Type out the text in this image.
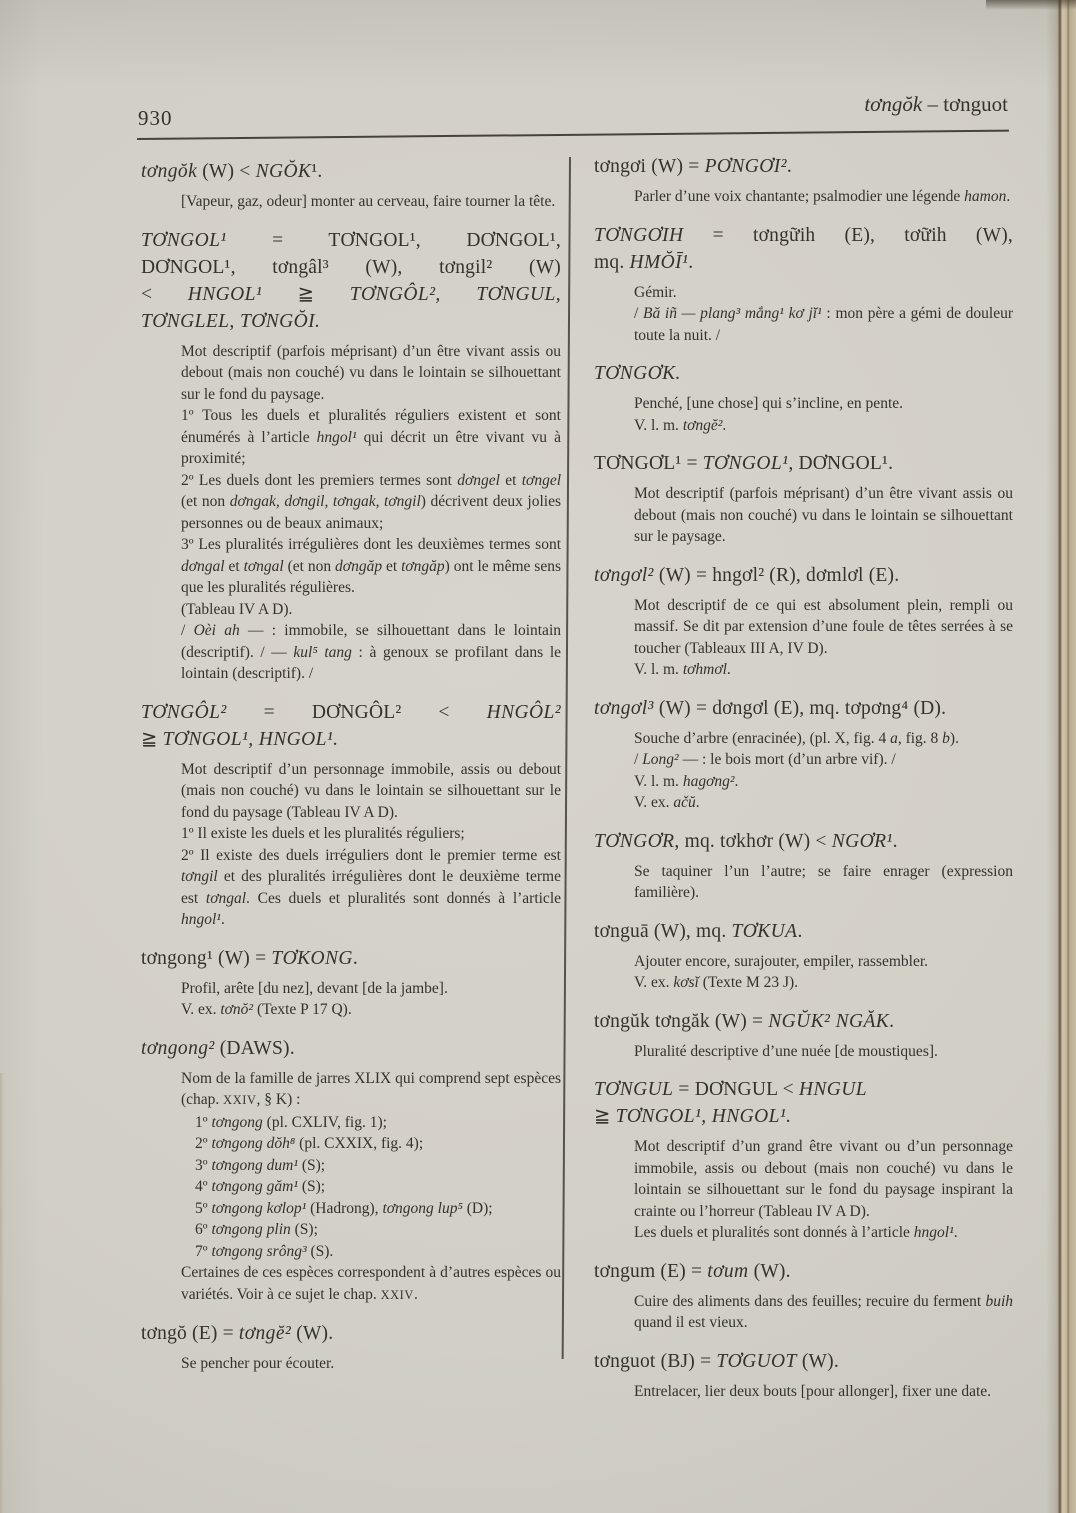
930
tơngŏk – tơnguot
tơngŏk (W) < NGŎK¹.
[Vapeur, gaz, odeur] monter au cerveau, faire tourner la tête.
TƠNGOL¹ = TƠNGOL¹, DƠNGOL¹,
DƠNGOL¹, tơngâl³ (W), tơngil² (W)
< HNGOL¹ ≧ TƠNGÔL², TƠNGUL,
TƠNGLEL, TƠNGŎI.
Mot descriptif (parfois méprisant) d’un être vivant assis ou debout (mais non couché) vu dans le lointain se silhouettant sur le fond du paysage.
1º Tous les duels et pluralités réguliers existent et sont énumérés à l’article hngol¹ qui décrit un être vivant vu à proximité;
2º Les duels dont les premiers termes sont dơngel et tơngel (et non dơngak, dơngil, tơngak, tơngil) décrivent deux jolies personnes ou de beaux animaux;
3º Les pluralités irrégulières dont les deuxièmes termes sont dơngal et tơngal (et non dơngăp et tơngăp) ont le même sens que les pluralités régulières.
(Tableau IV A D).
/ Oèi ah — : immobile, se silhouettant dans le lointain (descriptif). / — kul⁵ tang : à genoux se profilant dans le lointain (descriptif). /
TƠNGÔL² = DƠNGÔL² < HNGÔL²
≧ TƠNGOL¹, HNGOL¹.
Mot descriptif d’un personnage immobile, assis ou debout (mais non couché) vu dans le lointain se silhouettant sur le fond du paysage (Tableau IV A D).
1º Il existe les duels et les pluralités réguliers;
2º Il existe des duels irréguliers dont le premier terme est tơngil et des pluralités irrégulières dont le deuxième terme est tơngal. Ces duels et pluralités sont donnés à l’article hngol¹.
tơngong¹ (W) = TƠKONG.
Profil, arête [du nez], devant [de la jambe].
V. ex. tơnŏ² (Texte P 17 Q).
tơngong² (DAWS).
Nom de la famille de jarres XLIX qui comprend sept espèces (chap. XXIV, § K) :
1º tơngong (pl. CXLIV, fig. 1);
2º tơngong dŏh⁸ (pl. CXXIX, fig. 4);
3º tơngong dum¹ (S);
4º tơngong găm¹ (S);
5º tơngong kơlop¹ (Hadrong), tơngong lup⁵ (D);
6º tơngong plin (S);
7º tơngong srông³ (S).
Certaines de ces espèces correspondent à d’autres espèces ou variétés. Voir à ce sujet le chap. XXIV.
tơngŏ (E) = tơngĕ² (W).
Se pencher pour écouter.
tơngơi (W) = PƠNGƠI².
Parler d’une voix chantante; psalmodier une légende hamon.
TƠNGƠIH = tơngữih (E), tơữih (W),
mq. HMŎĪ¹.
Gémir.
/ Bă iñ — plang³ mắng¹ kơ jĭ¹ : mon père a gémi de douleur toute la nuit. /
TƠNGƠK.
Penché, [une chose] qui s’incline, en pente.
V. l. m. tơngĕ².
TƠNGƠL¹ = TƠNGOL¹, DƠNGOL¹.
Mot descriptif (parfois méprisant) d’un être vivant assis ou debout (mais non couché) vu dans le lointain se silhouettant sur le paysage.
tơngơl² (W) = hngơl² (R), dơmlơl (E).
Mot descriptif de ce qui est absolument plein, rempli ou massif. Se dit par extension d’une foule de têtes serrées à se toucher (Tableaux III A, IV D).
V. l. m. tơhmơl.
tơngơl³ (W) = dơngơl (E), mq. tơpơng⁴ (D).
Souche d’arbre (enracinée), (pl. X, fig. 4 a, fig. 8 b).
/ Long² — : le bois mort (d’un arbre vif). /
V. l. m. hagơng².
V. ex. ačŭ.
TƠNGƠR, mq. tơkhơr (W) < NGƠR¹.
Se taquiner l’un l’autre; se faire enrager (expression familière).
tơnguā (W), mq. TƠKUA.
Ajouter encore, surajouter, empiler, rassembler.
V. ex. kơsĭ (Texte M 23 J).
tơngŭk tơngăk (W) = NGŬK² NGĂK.
Pluralité descriptive d’une nuée [de moustiques].
TƠNGUL = DƠNGUL < HNGUL
≧ TƠNGOL¹, HNGOL¹.
Mot descriptif d’un grand être vivant ou d’un personnage immobile, assis ou debout (mais non couché) vu dans le lointain se silhouettant sur le fond du paysage inspirant la crainte ou l’horreur (Tableau IV A D).
Les duels et pluralités sont donnés à l’article hngol¹.
tơngum (E) = tơum (W).
Cuire des aliments dans des feuilles; recuire du ferment buih quand il est vieux.
tơnguot (BJ) = TƠGUOT (W).
Entrelacer, lier deux bouts [pour allonger], fixer une date.
